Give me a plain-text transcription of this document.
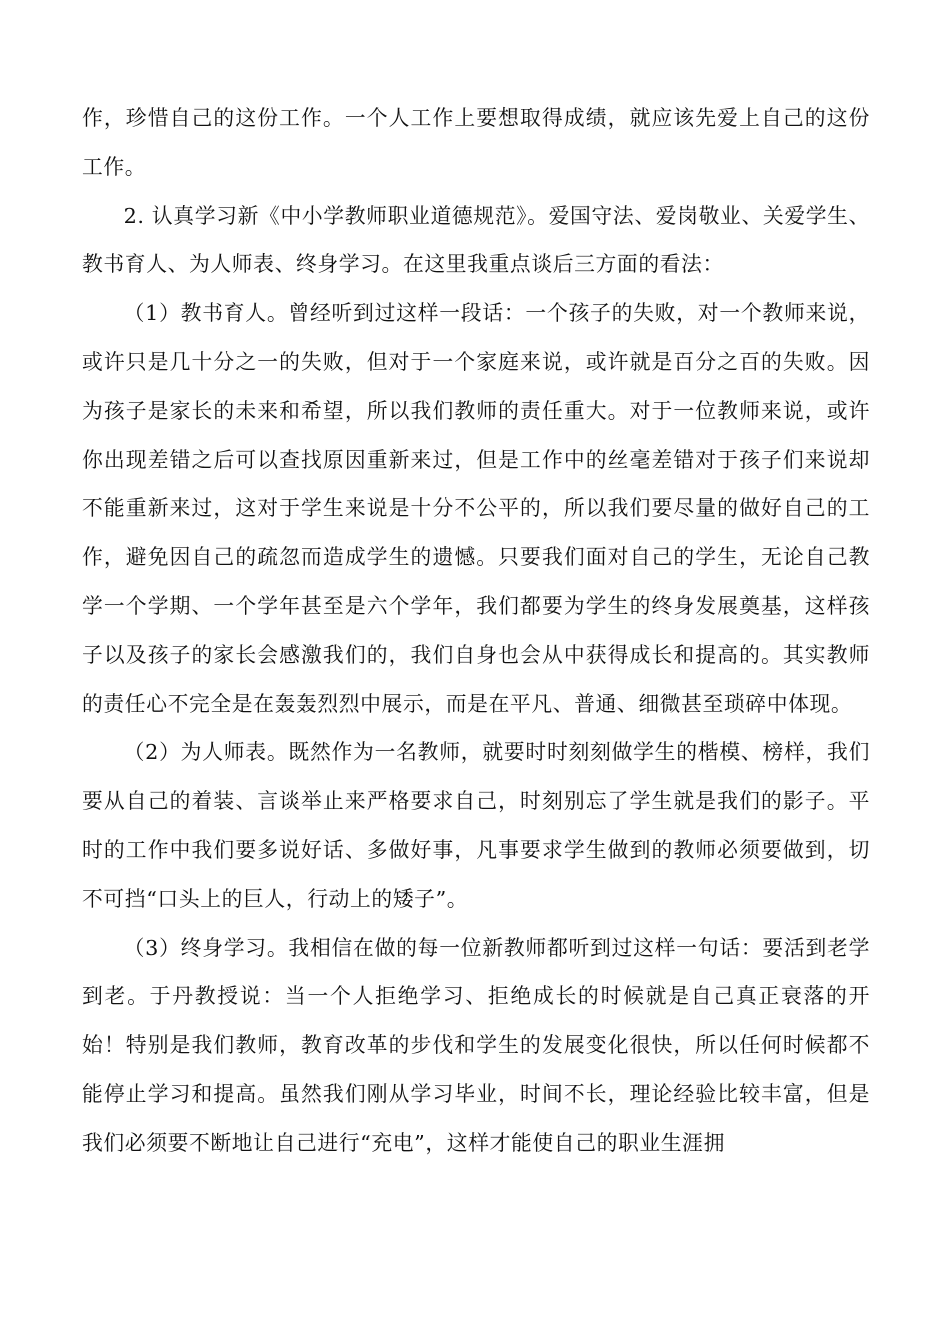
作，珍惜自己的这份工作。一个人工作上要想取得成绩，就应该先爱上自己的这份工作。

2. 认真学习新《中小学教师职业道德规范》。爱国守法、爱岗敬业、关爱学生、教书育人、为人师表、终身学习。在这里我重点谈后三方面的看法：

（1）教书育人。曾经听到过这样一段话：一个孩子的失败，对一个教师来说，或许只是几十分之一的失败，但对于一个家庭来说，或许就是百分之百的失败。因为孩子是家长的未来和希望，所以我们教师的责任重大。对于一位教师来说，或许你出现差错之后可以查找原因重新来过，但是工作中的丝毫差错对于孩子们来说却不能重新来过，这对于学生来说是十分不公平的，所以我们要尽量的做好自己的工作，避免因自己的疏忽而造成学生的遗憾。只要我们面对自己的学生，无论自己教学一个学期、一个学年甚至是六个学年，我们都要为学生的终身发展奠基，这样孩子以及孩子的家长会感激我们的，我们自身也会从中获得成长和提高的。其实教师的责任心不完全是在轰轰烈烈中展示，而是在平凡、普通、细微甚至琐碎中体现。

（2）为人师表。既然作为一名教师，就要时时刻刻做学生的楷模、榜样，我们要从自己的着装、言谈举止来严格要求自己，时刻别忘了学生就是我们的影子。平时的工作中我们要多说好话、多做好事，凡事要求学生做到的教师必须要做到，切不可挡“口头上的巨人，行动上的矮子”。

（3）终身学习。我相信在做的每一位新教师都听到过这样一句话：要活到老学到老。于丹教授说：当一个人拒绝学习、拒绝成长的时候就是自己真正衰落的开始！特别是我们教师，教育改革的步伐和学生的发展变化很快，所以任何时候都不能停止学习和提高。虽然我们刚从学习毕业，时间不长，理论经验比较丰富，但是我们必须要不断地让自己进行“充电”，这样才能使自己的职业生涯拥
